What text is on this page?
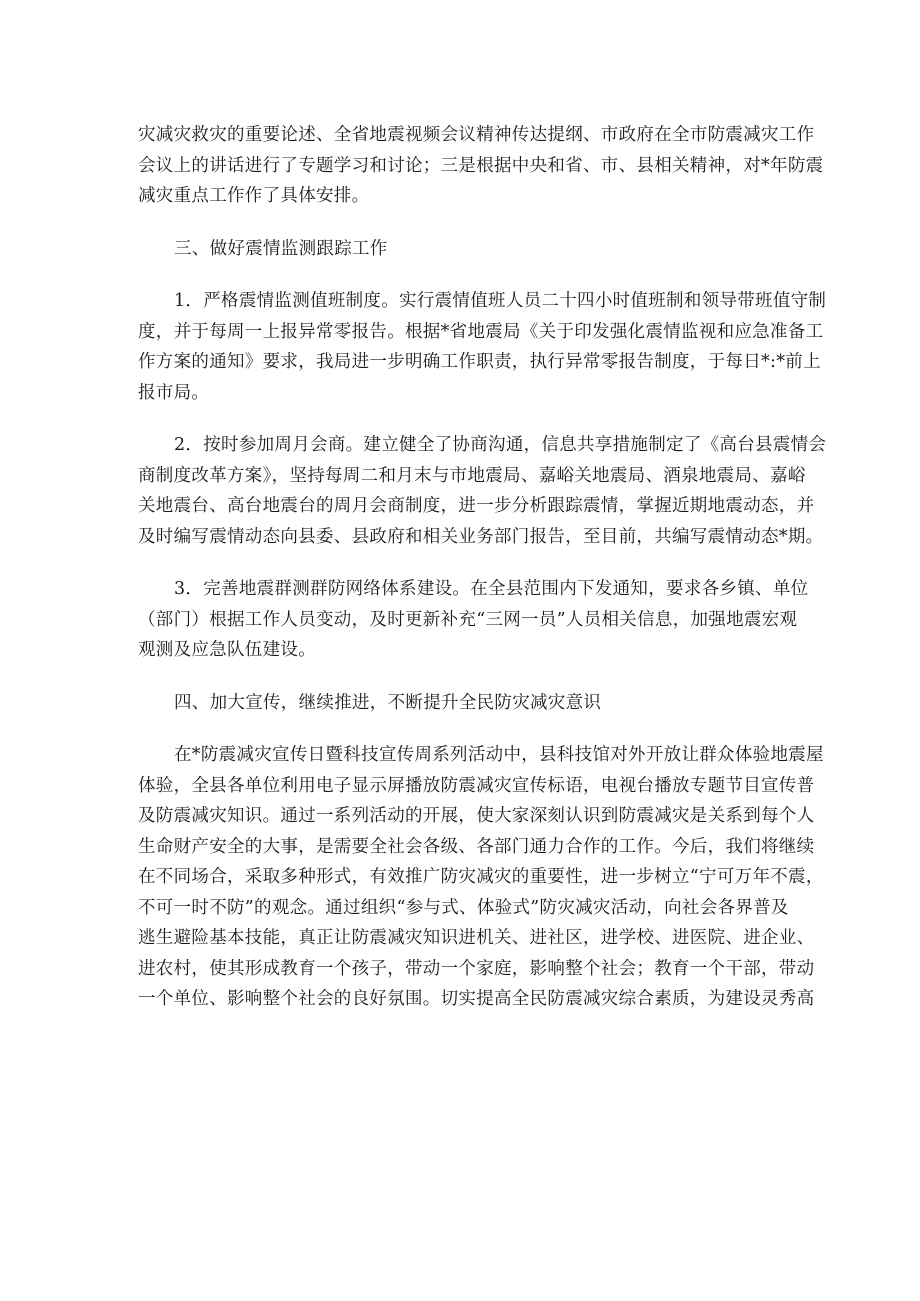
灾减灾救灾的重要论述、全省地震视频会议精神传达提纲、市政府在全市防震减灾工作
会议上的讲话进行了专题学习和讨论；三是根据中央和省、市、县相关精神，对*年防震
减灾重点工作作了具体安排。
三、做好震情监测跟踪工作
1．严格震情监测值班制度。实行震情值班人员二十四小时值班制和领导带班值守制
度，并于每周一上报异常零报告。根据*省地震局《关于印发强化震情监视和应急准备工
作方案的通知》要求，我局进一步明确工作职责，执行异常零报告制度，于每日*:*前上
报市局。
2．按时参加周月会商。建立健全了协商沟通，信息共享措施制定了《高台县震情会
商制度改革方案》，坚持每周二和月末与市地震局、嘉峪关地震局、酒泉地震局、嘉峪
关地震台、高台地震台的周月会商制度，进一步分析跟踪震情，掌握近期地震动态，并
及时编写震情动态向县委、县政府和相关业务部门报告，至目前，共编写震情动态*期。
3．完善地震群测群防网络体系建设。在全县范围内下发通知，要求各乡镇、单位
（部门）根据工作人员变动，及时更新补充“三网一员”人员相关信息，加强地震宏观
观测及应急队伍建设。
四、加大宣传，继续推进，不断提升全民防灾减灾意识
在*防震减灾宣传日暨科技宣传周系列活动中，县科技馆对外开放让群众体验地震屋
体验，全县各单位利用电子显示屏播放防震减灾宣传标语，电视台播放专题节目宣传普
及防震减灾知识。通过一系列活动的开展，使大家深刻认识到防震减灾是关系到每个人
生命财产安全的大事，是需要全社会各级、各部门通力合作的工作。今后，我们将继续
在不同场合，采取多种形式，有效推广防灾减灾的重要性，进一步树立“宁可万年不震，
不可一时不防”的观念。通过组织“参与式、体验式”防灾减灾活动，向社会各界普及
逃生避险基本技能，真正让防震减灾知识进机关、进社区，进学校、进医院、进企业、
进农村，使其形成教育一个孩子，带动一个家庭，影响整个社会；教育一个干部，带动
一个单位、影响整个社会的良好氛围。切实提高全民防震减灾综合素质，为建设灵秀高
